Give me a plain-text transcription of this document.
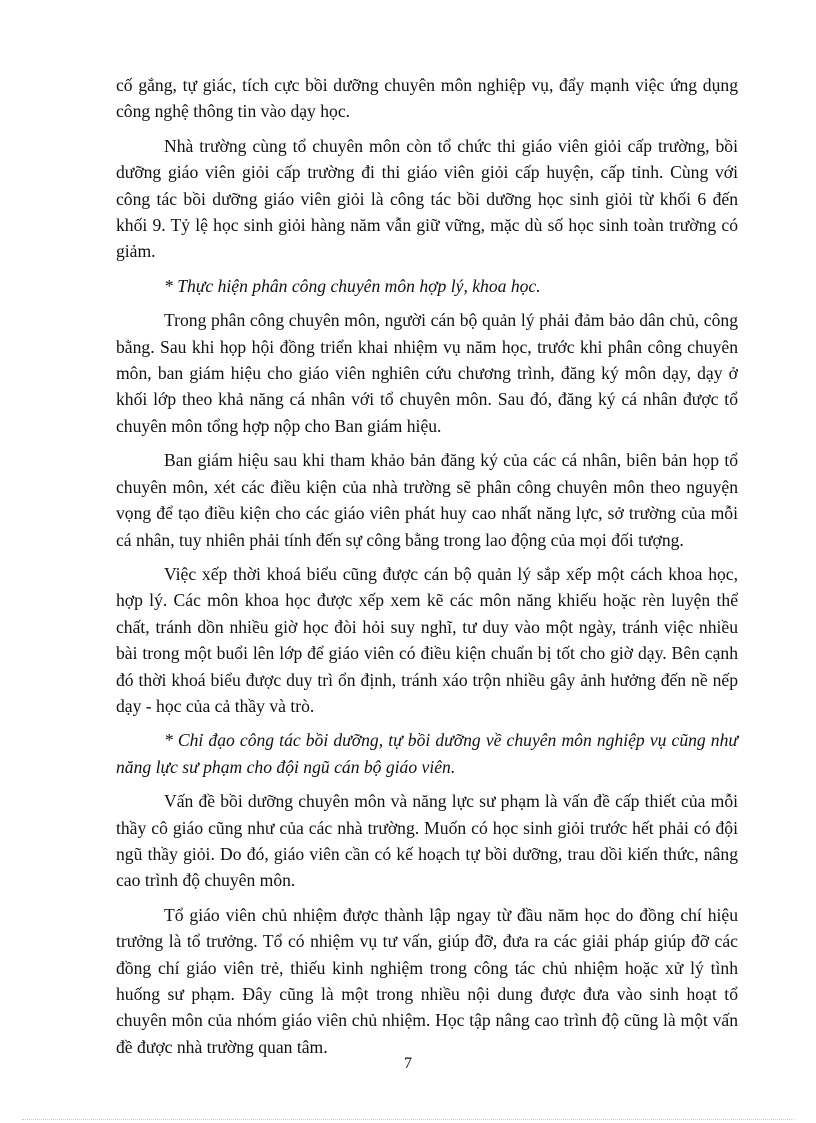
cố gắng, tự giác, tích cực bồi dưỡng chuyên môn nghiệp vụ, đẩy mạnh việc ứng dụng công nghệ thông tin vào dạy học.

Nhà trường cùng tổ chuyên môn còn tổ chức thi giáo viên giỏi cấp trường, bồi dưỡng giáo viên giỏi cấp trường đi thi giáo viên giỏi cấp huyện, cấp tỉnh. Cùng với công tác bồi dưỡng giáo viên giỏi là công tác bồi dưỡng học sinh giỏi từ khối 6 đến khối 9. Tỷ lệ học sinh giỏi hàng năm vẫn giữ vững, mặc dù số học sinh toàn trường có giảm.

* Thực hiện phân công chuyên môn hợp lý, khoa học.

Trong phân công chuyên môn, người cán bộ quản lý phải đảm bảo dân chủ, công bằng. Sau khi họp hội đồng triển khai nhiệm vụ năm học, trước khi phân công chuyên môn, ban giám hiệu cho giáo viên nghiên cứu chương trình, đăng ký môn dạy, dạy ở khối lớp theo khả năng cá nhân với tổ chuyên môn. Sau đó, đăng ký cá nhân được tổ chuyên môn tổng hợp nộp cho Ban giám hiệu.

Ban giám hiệu sau khi tham khảo bản đăng ký của các cá nhân, biên bản họp tổ chuyên môn, xét các điều kiện của nhà trường sẽ phân công chuyên môn theo nguyện vọng để tạo điều kiện cho các giáo viên phát huy cao nhất năng lực, sở trường của mỗi cá nhân, tuy nhiên phải tính đến sự công bằng trong lao động của mọi đối tượng.

Việc xếp thời khoá biểu cũng được cán bộ quản lý sắp xếp một cách khoa học, hợp lý. Các môn khoa học được xếp xem kẽ các môn năng khiếu hoặc rèn luyện thể chất, tránh dồn nhiều giờ học đòi hỏi suy nghĩ, tư duy vào một ngày, tránh việc nhiều bài trong một buổi lên lớp để giáo viên có điều kiện chuẩn bị tốt cho giờ dạy. Bên cạnh đó thời khoá biểu được duy trì ổn định, tránh xáo trộn nhiều gây ảnh hưởng đến nề nếp dạy - học của cả thầy và trò.

* Chỉ đạo công tác bồi dưỡng, tự bồi dưỡng về chuyên môn nghiệp vụ cũng như năng lực sư phạm cho đội ngũ cán bộ giáo viên.

Vấn đề bồi dưỡng chuyên môn và năng lực sư phạm là vấn đề cấp thiết của mỗi thầy cô giáo cũng như của các nhà trường. Muốn có học sinh giỏi trước hết phải có đội ngũ thầy giỏi. Do đó, giáo viên cần có kế hoạch tự bồi dưỡng, trau dồi kiến thức, nâng cao trình độ chuyên môn.

Tổ giáo viên chủ nhiệm được thành lập ngay từ đầu năm học do đồng chí hiệu trưởng là tổ trưởng. Tổ có nhiệm vụ tư vấn, giúp đỡ, đưa ra các giải pháp giúp đỡ các đồng chí giáo viên trẻ, thiếu kinh nghiệm trong công tác chủ nhiệm hoặc xử lý tình huống sư phạm. Đây cũng là một trong nhiều nội dung được đưa vào sinh hoạt tổ chuyên môn của nhóm giáo viên chủ nhiệm. Học tập nâng cao trình độ cũng là một vấn đề được nhà trường quan tâm.

7
